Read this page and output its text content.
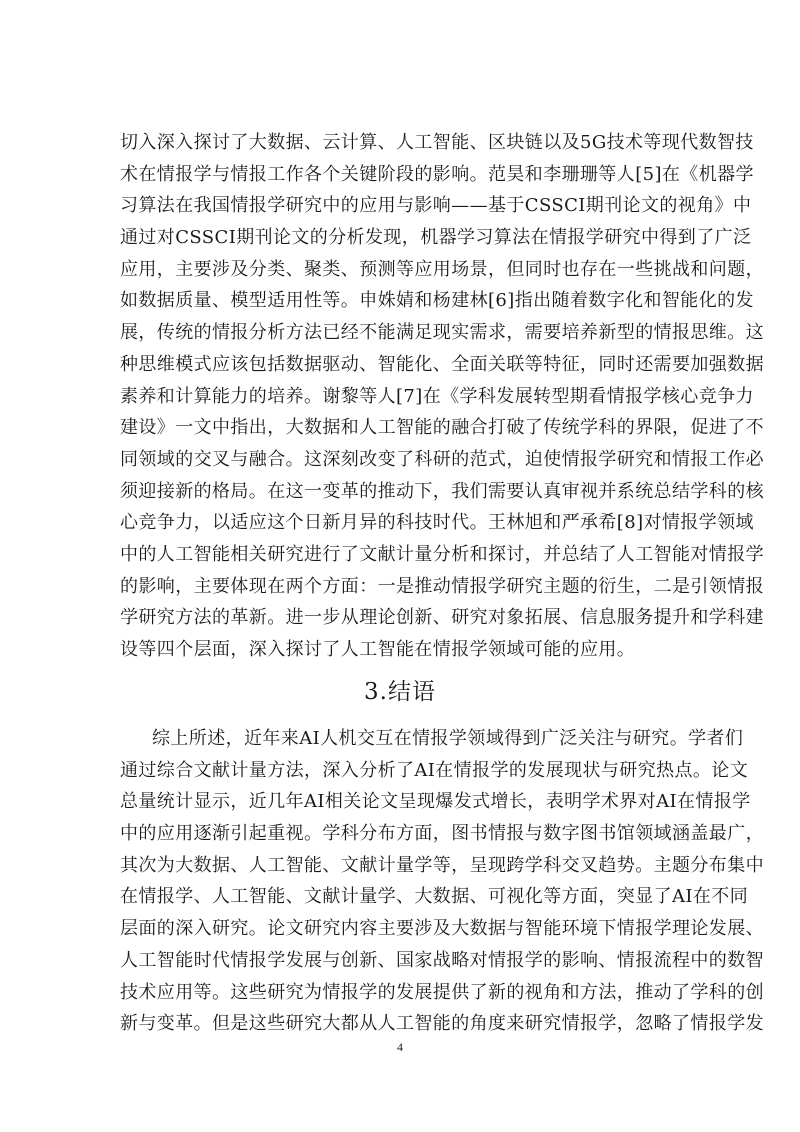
切入深入探讨了大数据、云计算、人工智能、区块链以及5G技术等现代数智技
术在情报学与情报工作各个关键阶段的影响。范昊和李珊珊等人[5]在《机器学
习算法在我国情报学研究中的应用与影响——基于CSSCI期刊论文的视角》中
通过对CSSCI期刊论文的分析发现，机器学习算法在情报学研究中得到了广泛
应用，主要涉及分类、聚类、预测等应用场景，但同时也存在一些挑战和问题，
如数据质量、模型适用性等。申姝婧和杨建林[6]指出随着数字化和智能化的发
展，传统的情报分析方法已经不能满足现实需求，需要培养新型的情报思维。这
种思维模式应该包括数据驱动、智能化、全面关联等特征，同时还需要加强数据
素养和计算能力的培养。谢黎等人[7]在《学科发展转型期看情报学核心竞争力
建设》一文中指出，大数据和人工智能的融合打破了传统学科的界限，促进了不
同领域的交叉与融合。这深刻改变了科研的范式，迫使情报学研究和情报工作必
须迎接新的格局。在这一变革的推动下，我们需要认真审视并系统总结学科的核
心竞争力，以适应这个日新月异的科技时代。王林旭和严承希[8]对情报学领域
中的人工智能相关研究进行了文献计量分析和探讨，并总结了人工智能对情报学
的影响，主要体现在两个方面：一是推动情报学研究主题的衍生，二是引领情报
学研究方法的革新。进一步从理论创新、研究对象拓展、信息服务提升和学科建
设等四个层面，深入探讨了人工智能在情报学领域可能的应用。
3.结语
综上所述，近年来AI人机交互在情报学领域得到广泛关注与研究。学者们
通过综合文献计量方法，深入分析了AI在情报学的发展现状与研究热点。论文
总量统计显示，近几年AI相关论文呈现爆发式增长，表明学术界对AI在情报学
中的应用逐渐引起重视。学科分布方面，图书情报与数字图书馆领域涵盖最广，
其次为大数据、人工智能、文献计量学等，呈现跨学科交叉趋势。主题分布集中
在情报学、人工智能、文献计量学、大数据、可视化等方面，突显了AI在不同
层面的深入研究。论文研究内容主要涉及大数据与智能环境下情报学理论发展、
人工智能时代情报学发展与创新、国家战略对情报学的影响、情报流程中的数智
技术应用等。这些研究为情报学的发展提供了新的视角和方法，推动了学科的创
新与变革。但是这些研究大都从人工智能的角度来研究情报学，忽略了情报学发
4
